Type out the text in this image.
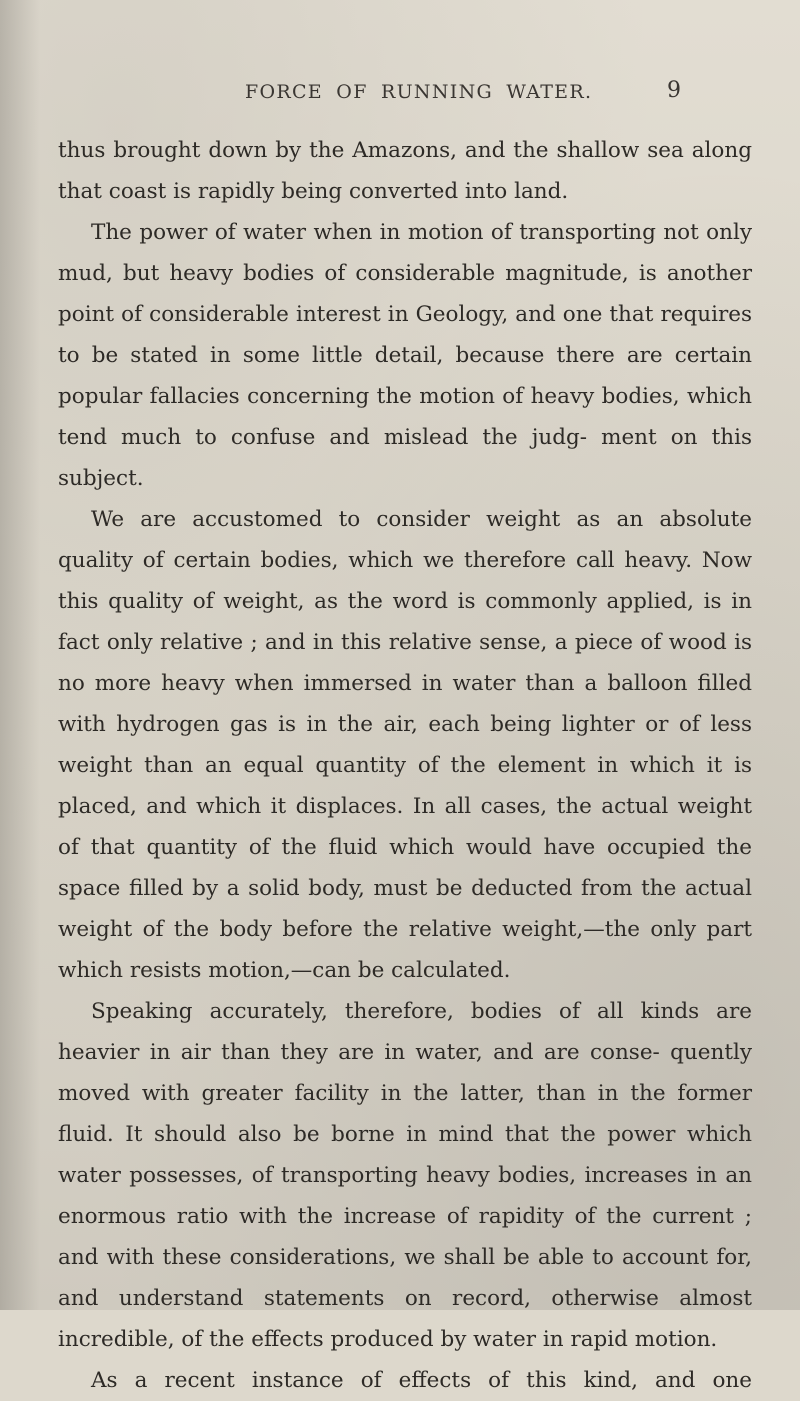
FORCE OF RUNNING WATER.	9

thus brought down by the Amazons, and the shallow sea along that coast is rapidly being converted into land.

The power of water when in motion of transporting not only mud, but heavy bodies of considerable magnitude, is another point of considerable interest in Geology, and one that requires to be stated in some little detail, because there are certain popular fallacies concerning the motion of heavy bodies, which tend much to confuse and mislead the judg- ment on this subject.

We are accustomed to consider weight as an absolute quality of certain bodies, which we therefore call heavy. Now this quality of weight, as the word is commonly applied, is in fact only relative ; and in this relative sense, a piece of wood is no more heavy when immersed in water than a balloon filled with hydrogen gas is in the air, each being lighter or of less weight than an equal quantity of the element in which it is placed, and which it displaces. In all cases, the actual weight of that quantity of the fluid which would have occupied the space filled by a solid body, must be deducted from the actual weight of the body before the relative weight,—the only part which resists motion,—can be calculated.

Speaking accurately, therefore, bodies of all kinds are heavier in air than they are in water, and are conse- quently moved with greater facility in the latter, than in the former fluid. It should also be borne in mind that the power which water possesses, of transporting heavy bodies, increases in an enormous ratio with the increase of rapidity of the current ; and with these considerations, we shall be able to account for, and understand statements on record, otherwise almost incredible, of the effects produced by water in rapid motion.

As a recent instance of effects of this kind, and one
